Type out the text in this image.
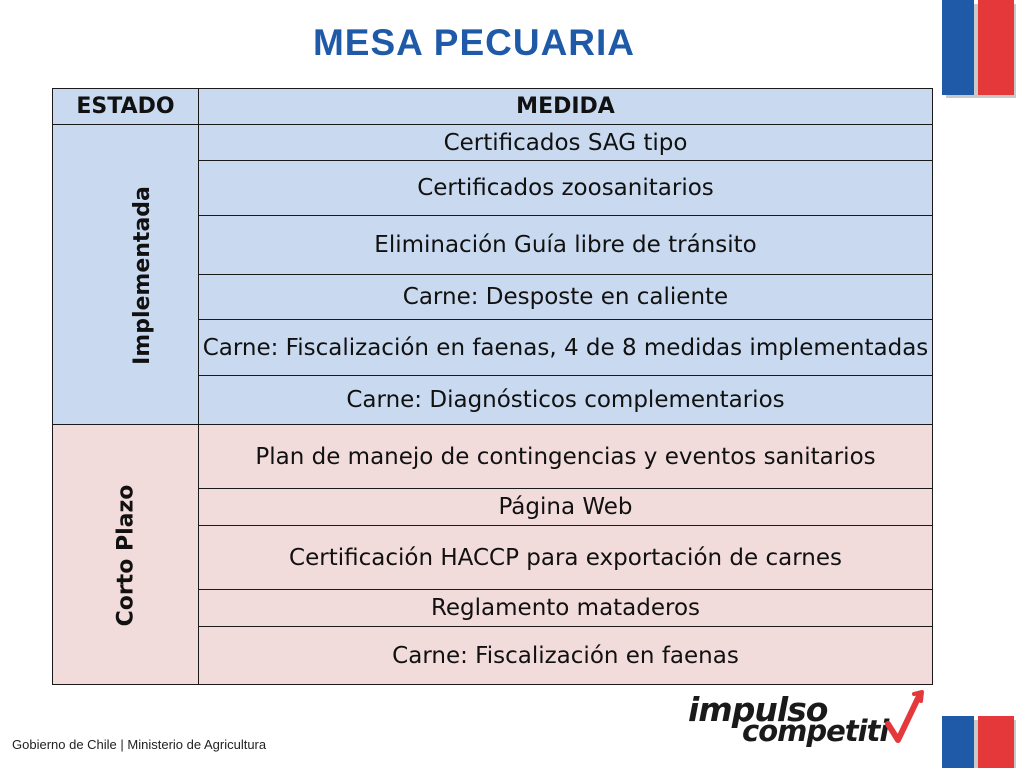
MESA PECUARIA
ESTADO	MEDIDA
Implementada	Certificados SAG tipo
	Certificados zoosanitarios
	Eliminación Guía libre de tránsito
	Carne: Desposte en caliente
	Carne: Fiscalización en faenas, 4 de 8 medidas implementadas
	Carne: Diagnósticos complementarios
Corto Plazo	Plan de manejo de contingencias y eventos sanitarios
	Página Web
	Certificación HACCP para exportación de carnes
	Reglamento mataderos
	Carne: Fiscalización en faenas
Gobierno de Chile | Ministerio de Agricultura
impulso
competiti
